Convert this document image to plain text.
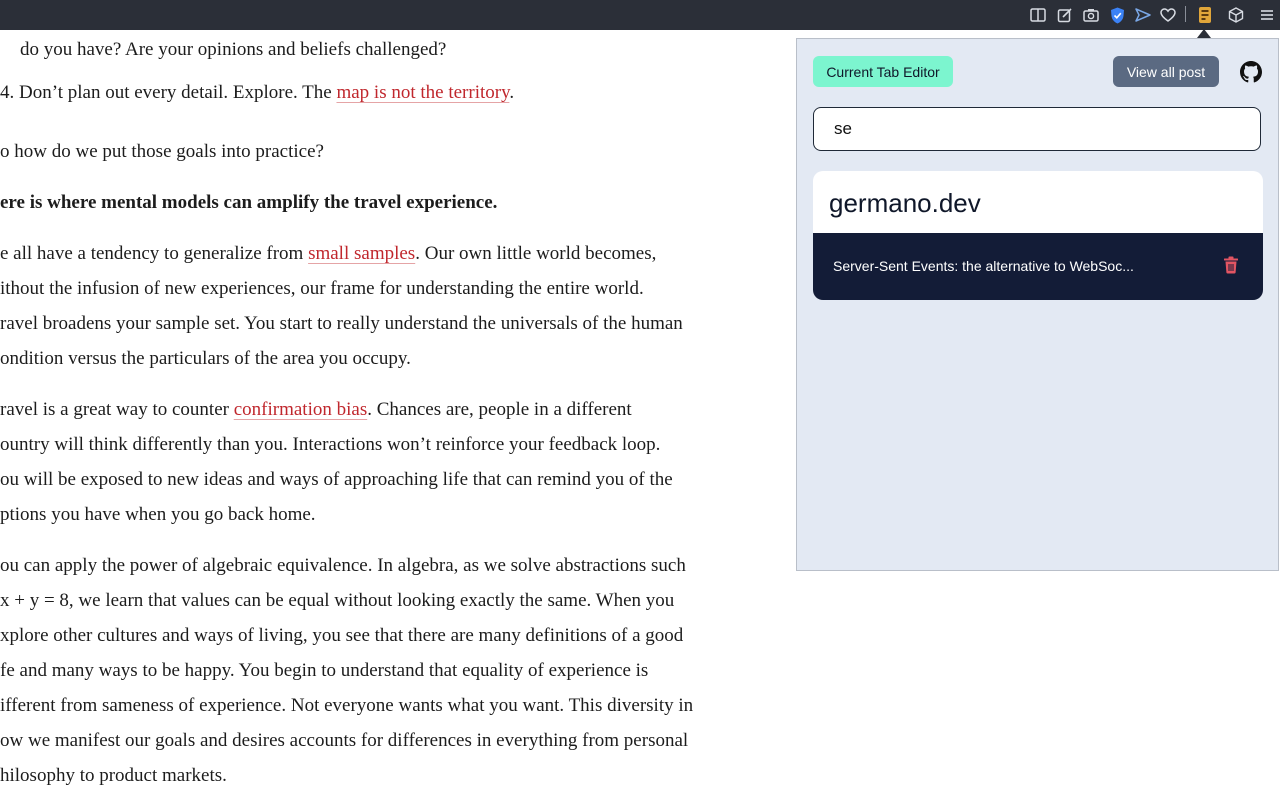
do you have? Are your opinions and beliefs challenged?
4. Don’t plan out every detail. Explore. The map is not the territory.
o how do we put those goals into practice?
ere is where mental models can amplify the travel experience.
e all have a tendency to generalize from small samples. Our own little world becomes,
ithout the infusion of new experiences, our frame for understanding the entire world.
ravel broadens your sample set. You start to really understand the universals of the human
ondition versus the particulars of the area you occupy.
ravel is a great way to counter confirmation bias. Chances are, people in a different
ountry will think differently than you. Interactions won’t reinforce your feedback loop.
ou will be exposed to new ideas and ways of approaching life that can remind you of the
ptions you have when you go back home.
ou can apply the power of algebraic equivalence. In algebra, as we solve abstractions such
x + y = 8, we learn that values can be equal without looking exactly the same. When you
xplore other cultures and ways of living, you see that there are many definitions of a good
fe and many ways to be happy. You begin to understand that equality of experience is
ifferent from sameness of experience. Not everyone wants what you want. This diversity in
ow we manifest our goals and desires accounts for differences in everything from personal
hilosophy to product markets.
Current Tab Editor	View all post
se
germano.dev
Server-Sent Events: the alternative to WebSoc...
